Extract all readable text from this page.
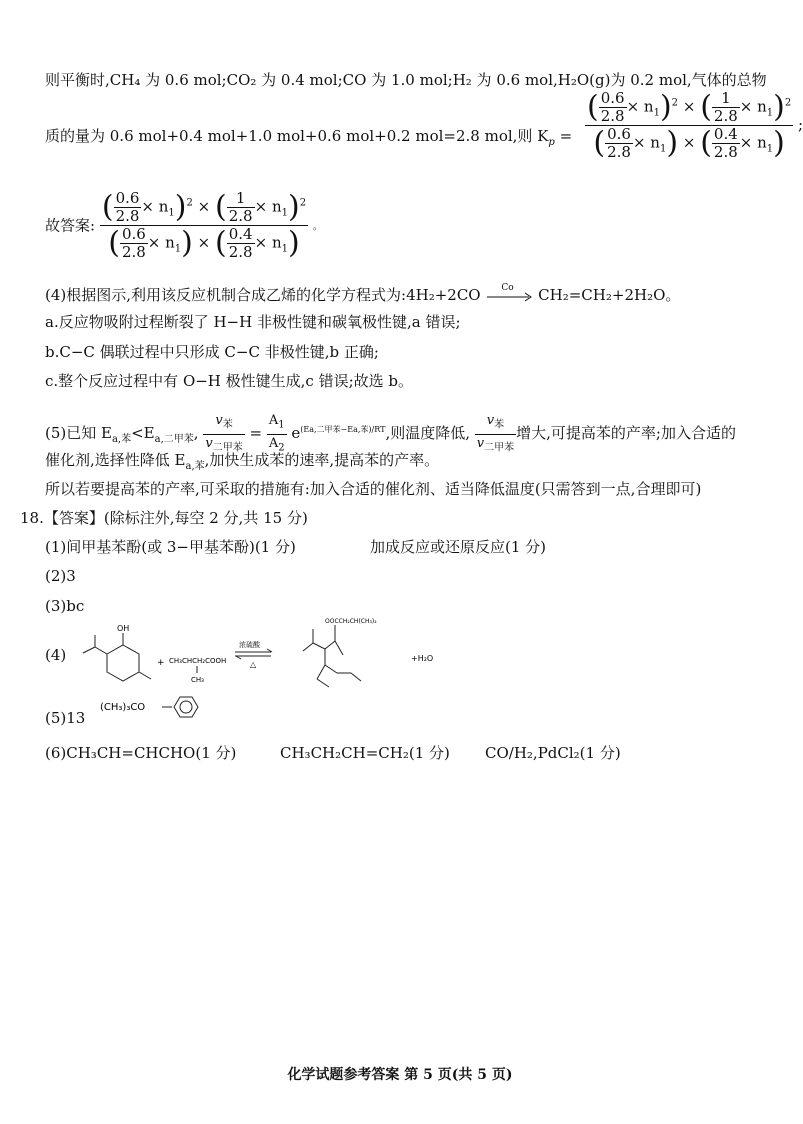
则平衡时,CH₄ 为 0.6 mol;CO₂ 为 0.4 mol;CO 为 1.0 mol;H₂ 为 0.6 mol,H₂O(g)为 0.2 mol,气体的总物
质的量为 0.6 mol+0.4 mol+1.0 mol+0.6 mol+0.2 mol=2.8 mol,则 $K_p = \frac{( \frac{0.6}{2.8} \times n_1)^2 \times ( \frac{1}{2.8} \times n_1)^2}{( \frac{0.6}{2.8} \times n_1) \times ( \frac{0.4}{2.8} \times n_1)}$ ;
故答案: $\frac{( \frac{0.6}{2.8} \times n_1)^2 \times ( \frac{1}{2.8} \times n_1)^2}{( \frac{0.6}{2.8} \times n_1) \times ( \frac{0.4}{2.8} \times n_1)}$ 。
(4)根据图示,利用该反应机制合成乙烯的化学方程式为:4H₂+2CO Co CH₂=CH₂+2H₂O。
a.反应物吸附过程断裂了 H−H 非极性键和碳氧极性键,a 错误;
b.C−C 偶联过程中只形成 C−C 非极性键,b 正确;
c.整个反应过程中有 O−H 极性键生成,c 错误;故选 b。
(5)已知 $E_{a,苯}<E_{a,二甲苯}$, $\frac{v_苯}{v_{二甲苯}} = \frac{A_1}{A_2} e^{(Ea,二甲苯-Ea,苯)/RT}$,则温度降低, $\frac{v_苯}{v_{二甲苯}}$ 增大,可提高苯的产率;加入合适的
催化剂,选择性降低 $E_{a,苯}$,加快生成苯的速率,提高苯的产率。
所以若要提高苯的产率,可采取的措施有:加入合适的催化剂、适当降低温度(只需答到一点,合理即可)
18.【答案】(除标注外,每空 2 分,共 15 分)
(1)间甲基苯酚(或 3−甲基苯酚)(1 分)	加成反应或还原反应(1 分)
(2)3
(3)bc
(4)
OH
+ CH₃CHCH₂COOH
CH₃
浓硫酸
△
OOCCH₂CH(CH₃)₂
+H₂O
(5)13
(CH₃)₃CO
(6)CH₃CH=CHCHO(1 分)	CH₃CH₂CH=CH₂(1 分) CO/H₂,PdCl₂(1 分)
化学试题参考答案 第 5 页(共 5 页)
